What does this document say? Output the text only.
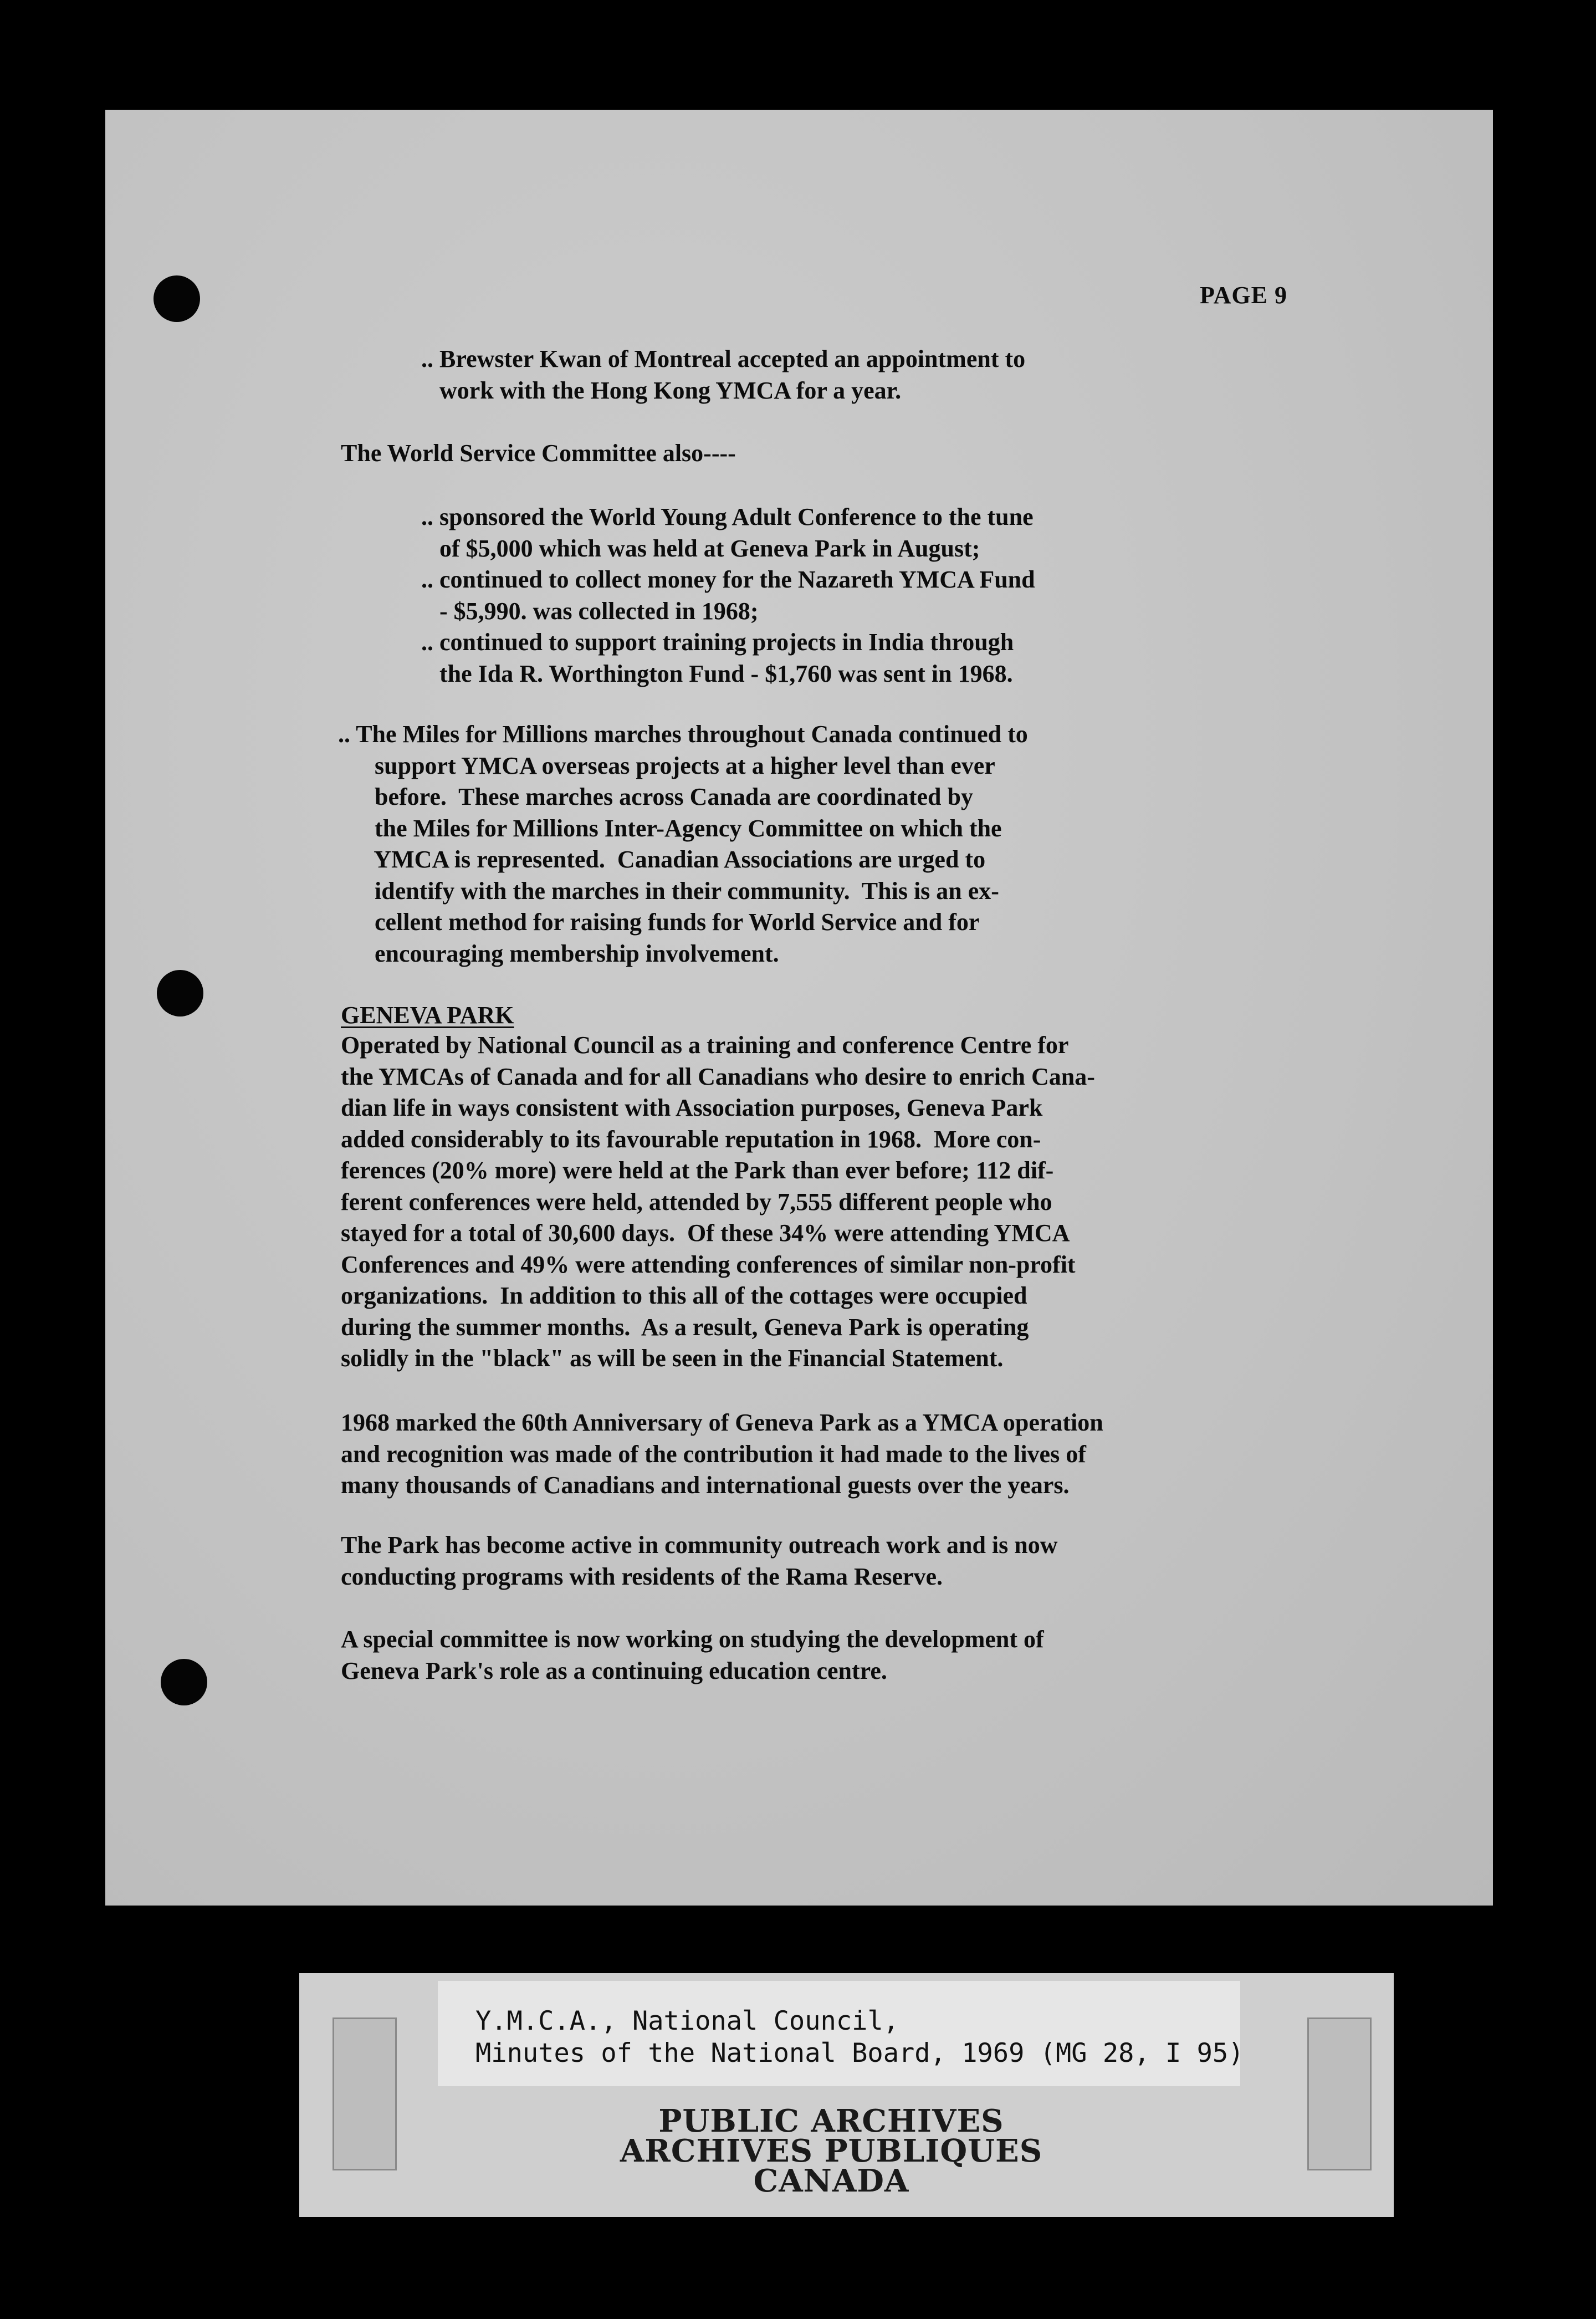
PAGE 9
.. Brewster Kwan of Montreal accepted an appointment to
work with the Hong Kong YMCA for a year.
The World Service Committee also----
.. sponsored the World Young Adult Conference to the tune
of $5,000 which was held at Geneva Park in August;
.. continued to collect money for the Nazareth YMCA Fund
- $5,990. was collected in 1968;
.. continued to support training projects in India through
the Ida R. Worthington Fund - $1,760 was sent in 1968.
.. The Miles for Millions marches throughout Canada continued to
support YMCA overseas projects at a higher level than ever
before.  These marches across Canada are coordinated by
the Miles for Millions Inter-Agency Committee on which the
YMCA is represented.  Canadian Associations are urged to
identify with the marches in their community.  This is an ex-
cellent method for raising funds for World Service and for
encouraging membership involvement.
GENEVA PARK
Operated by National Council as a training and conference Centre for
the YMCAs of Canada and for all Canadians who desire to enrich Cana-
dian life in ways consistent with Association purposes, Geneva Park
added considerably to its favourable reputation in 1968.  More con-
ferences (20% more) were held at the Park than ever before; 112 dif-
ferent conferences were held, attended by 7,555 different people who
stayed for a total of 30,600 days.  Of these 34% were attending YMCA
Conferences and 49% were attending conferences of similar non-profit
organizations.  In addition to this all of the cottages were occupied
during the summer months.  As a result, Geneva Park is operating
solidly in the "black" as will be seen in the Financial Statement.
1968 marked the 60th Anniversary of Geneva Park as a YMCA operation
and recognition was made of the contribution it had made to the lives of
many thousands of Canadians and international guests over the years.
The Park has become active in community outreach work and is now
conducting programs with residents of the Rama Reserve.
A special committee is now working on studying the development of
Geneva Park's role as a continuing education centre.
Y.M.C.A., National Council,
Minutes of the National Board, 1969 (MG 28, I 95)
PUBLIC ARCHIVES
ARCHIVES PUBLIQUES
CANADA
